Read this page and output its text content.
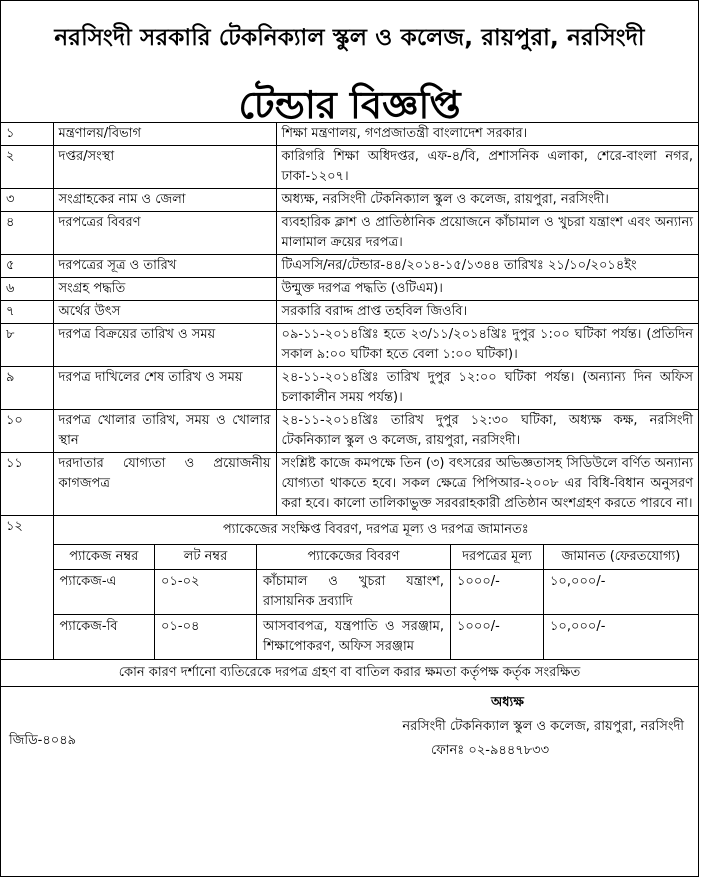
নরসিংদী সরকারি টেকনিক্যাল স্কুল ও কলেজ, রায়পুরা, নরসিংদী
টেন্ডার বিজ্ঞপ্তি
১	মন্ত্রণালয়/বিভাগ	শিক্ষা মন্ত্রণালয়, গণপ্রজাতন্ত্রী বাংলাদেশ সরকার।
২	দপ্তর/সংস্থা	কারিগরি শিক্ষা অধিদপ্তর, এফ-৪/বি, প্রশাসনিক এলাকা, শেরে-বাংলা নগর, ঢাকা-১২০৭।
৩	সংগ্রাহকের নাম ও জেলা	অধ্যক্ষ, নরসিংদী টেকনিক্যাল স্কুল ও কলেজ, রায়পুরা, নরসিংদী।
৪	দরপত্রের বিবরণ	ব্যবহারিক ক্লাশ ও প্রাতিষ্ঠানিক প্রয়োজনে কাঁচামাল ও খুচরা যন্ত্রাংশ এবং অন্যান্য মালামাল ক্রয়ের দরপত্র।
৫	দরপত্রের সূত্র ও তারিখ	টিএসসি/নর/টেন্ডার-৪৪/২০১৪-১৫/১৩৪৪ তারিখঃ ২১/১০/২০১৪ইং
৬	সংগ্রহ পদ্ধতি	উন্মুক্ত দরপত্র পদ্ধতি (ওটিএম)।
৭	অর্থের উৎস	সরকারি বরাদ্দ প্রাপ্ত তহবিল জিওবি।
৮	দরপত্র বিক্রয়ের তারিখ ও সময়	০৯-১১-২০১৪খ্রিঃ হতে ২৩/১১/২০১৪খ্রিঃ দুপুর ১:০০ ঘটিকা পর্যন্ত। (প্রতিদিন সকাল ৯:০০ ঘটিকা হতে বেলা ১:০০ ঘটিকা)।
৯	দরপত্র দাখিলের শেষ তারিখ ও সময়	২৪-১১-২০১৪খ্রিঃ তারিখ দুপুর ১২:০০ ঘটিকা পর্যন্ত। (অন্যান্য দিন অফিস চলাকালীন সময় পর্যন্ত)।
১০	দরপত্র খোলার তারিখ, সময় ও খোলার স্থান	২৪-১১-২০১৪খ্রিঃ তারিখ দুপুর ১২:৩০ ঘটিকা, অধ্যক্ষ কক্ষ, নরসিংদী টেকনিক্যাল স্কুল ও কলেজ, রায়পুরা, নরসিংদী।
১১	দরদাতার যোগ্যতা ও প্রয়োজনীয় কাগজপত্র	সংশ্লিষ্ট কাজে কমপক্ষে তিন (৩) বৎসরের অভিজ্ঞতাসহ সিডিউলে বর্ণিত অন্যান্য যোগ্যতা থাকতে হবে। সকল ক্ষেত্রে পিপিআর-২০০৮ এর বিধি-বিধান অনুসরণ করা হবে। কালো তালিকাভুক্ত সরবরাহকারী প্রতিষ্ঠান অংশগ্রহণ করতে পারবে না।
১২	প্যাকেজের সংক্ষিপ্ত বিবরণ, দরপত্র মূল্য ও দরপত্র জামানতঃ
প্যাকেজ নম্বর	লট নম্বর	প্যাকেজের বিবরণ	দরপত্রের মূল্য	জামানত (ফেরতযোগ্য)
প্যাকেজ-এ	০১-০২	কাঁচামাল ও খুচরা যন্ত্রাংশ, রাসায়নিক দ্রব্যাদি	১০০০/-	১০,০০০/-
প্যাকেজ-বি	০১-০৪	আসবাবপত্র, যন্ত্রপাতি ও সরঞ্জাম, শিক্ষাপোকরণ, অফিস সরঞ্জাম	১০০০/-	১০,০০০/-
কোন কারণ দর্শানো ব্যতিরেকে দরপত্র গ্রহণ বা বাতিল করার ক্ষমতা কর্তৃপক্ষ কর্তৃক সংরক্ষিত
অধ্যক্ষ
নরসিংদী টেকনিক্যাল স্কুল ও কলেজ, রায়পুরা, নরসিংদী
জিডি-৪০৪৯
ফোনঃ ০২-৯৪৪৭৮৩৩
